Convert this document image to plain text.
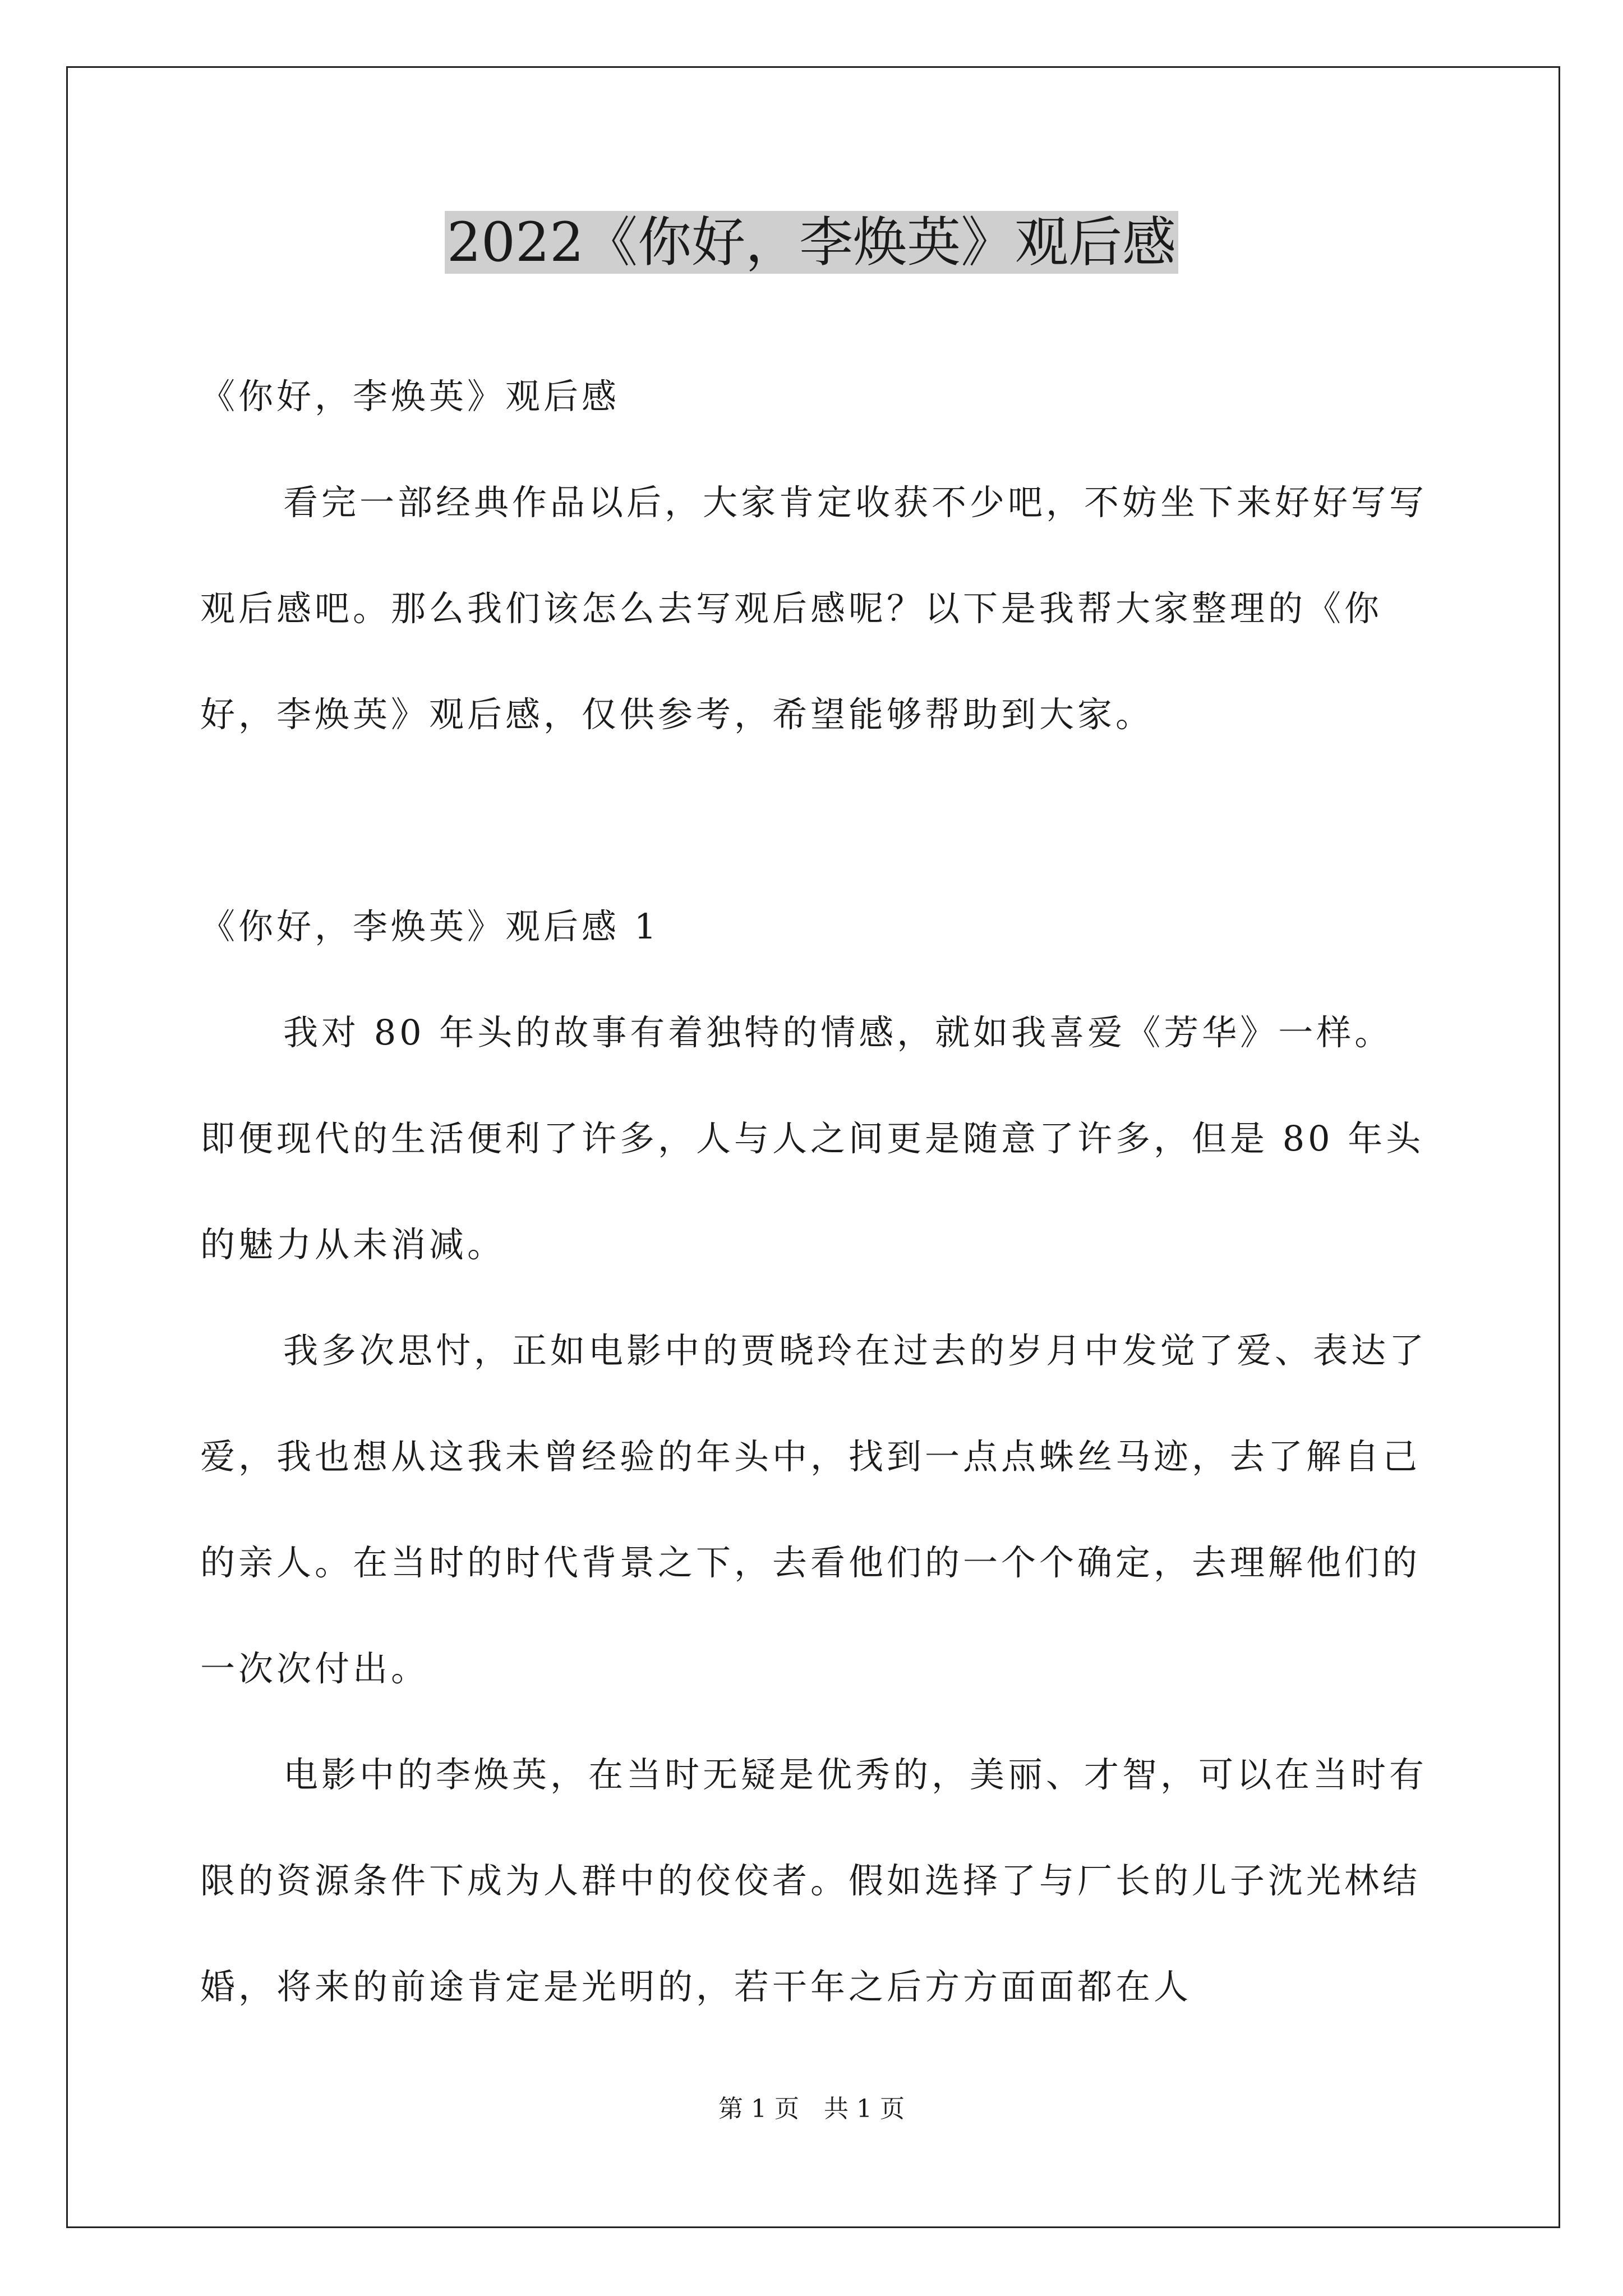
2022《你好，李焕英》观后感

《你好，李焕英》观后感

看完一部经典作品以后，大家肯定收获不少吧，不妨坐下来好好写写观后感吧。那么我们该怎么去写观后感呢？以下是我帮大家整理的《你好，李焕英》观后感，仅供参考，希望能够帮助到大家。

《你好，李焕英》观后感 1

我对 80 年头的故事有着独特的情感，就如我喜爱《芳华》一样。即便现代的生活便利了许多，人与人之间更是随意了许多，但是 80 年头的魅力从未消减。

我多次思忖，正如电影中的贾晓玲在过去的岁月中发觉了爱、表达了爱，我也想从这我未曾经验的年头中，找到一点点蛛丝马迹，去了解自己的亲人。在当时的时代背景之下，去看他们的一个个确定，去理解他们的一次次付出。

电影中的李焕英，在当时无疑是优秀的，美丽、才智，可以在当时有限的资源条件下成为人群中的佼佼者。假如选择了与厂长的儿子沈光林结婚，将来的前途肯定是光明的，若干年之后方方面面都在人

第 1 页　共 1 页
